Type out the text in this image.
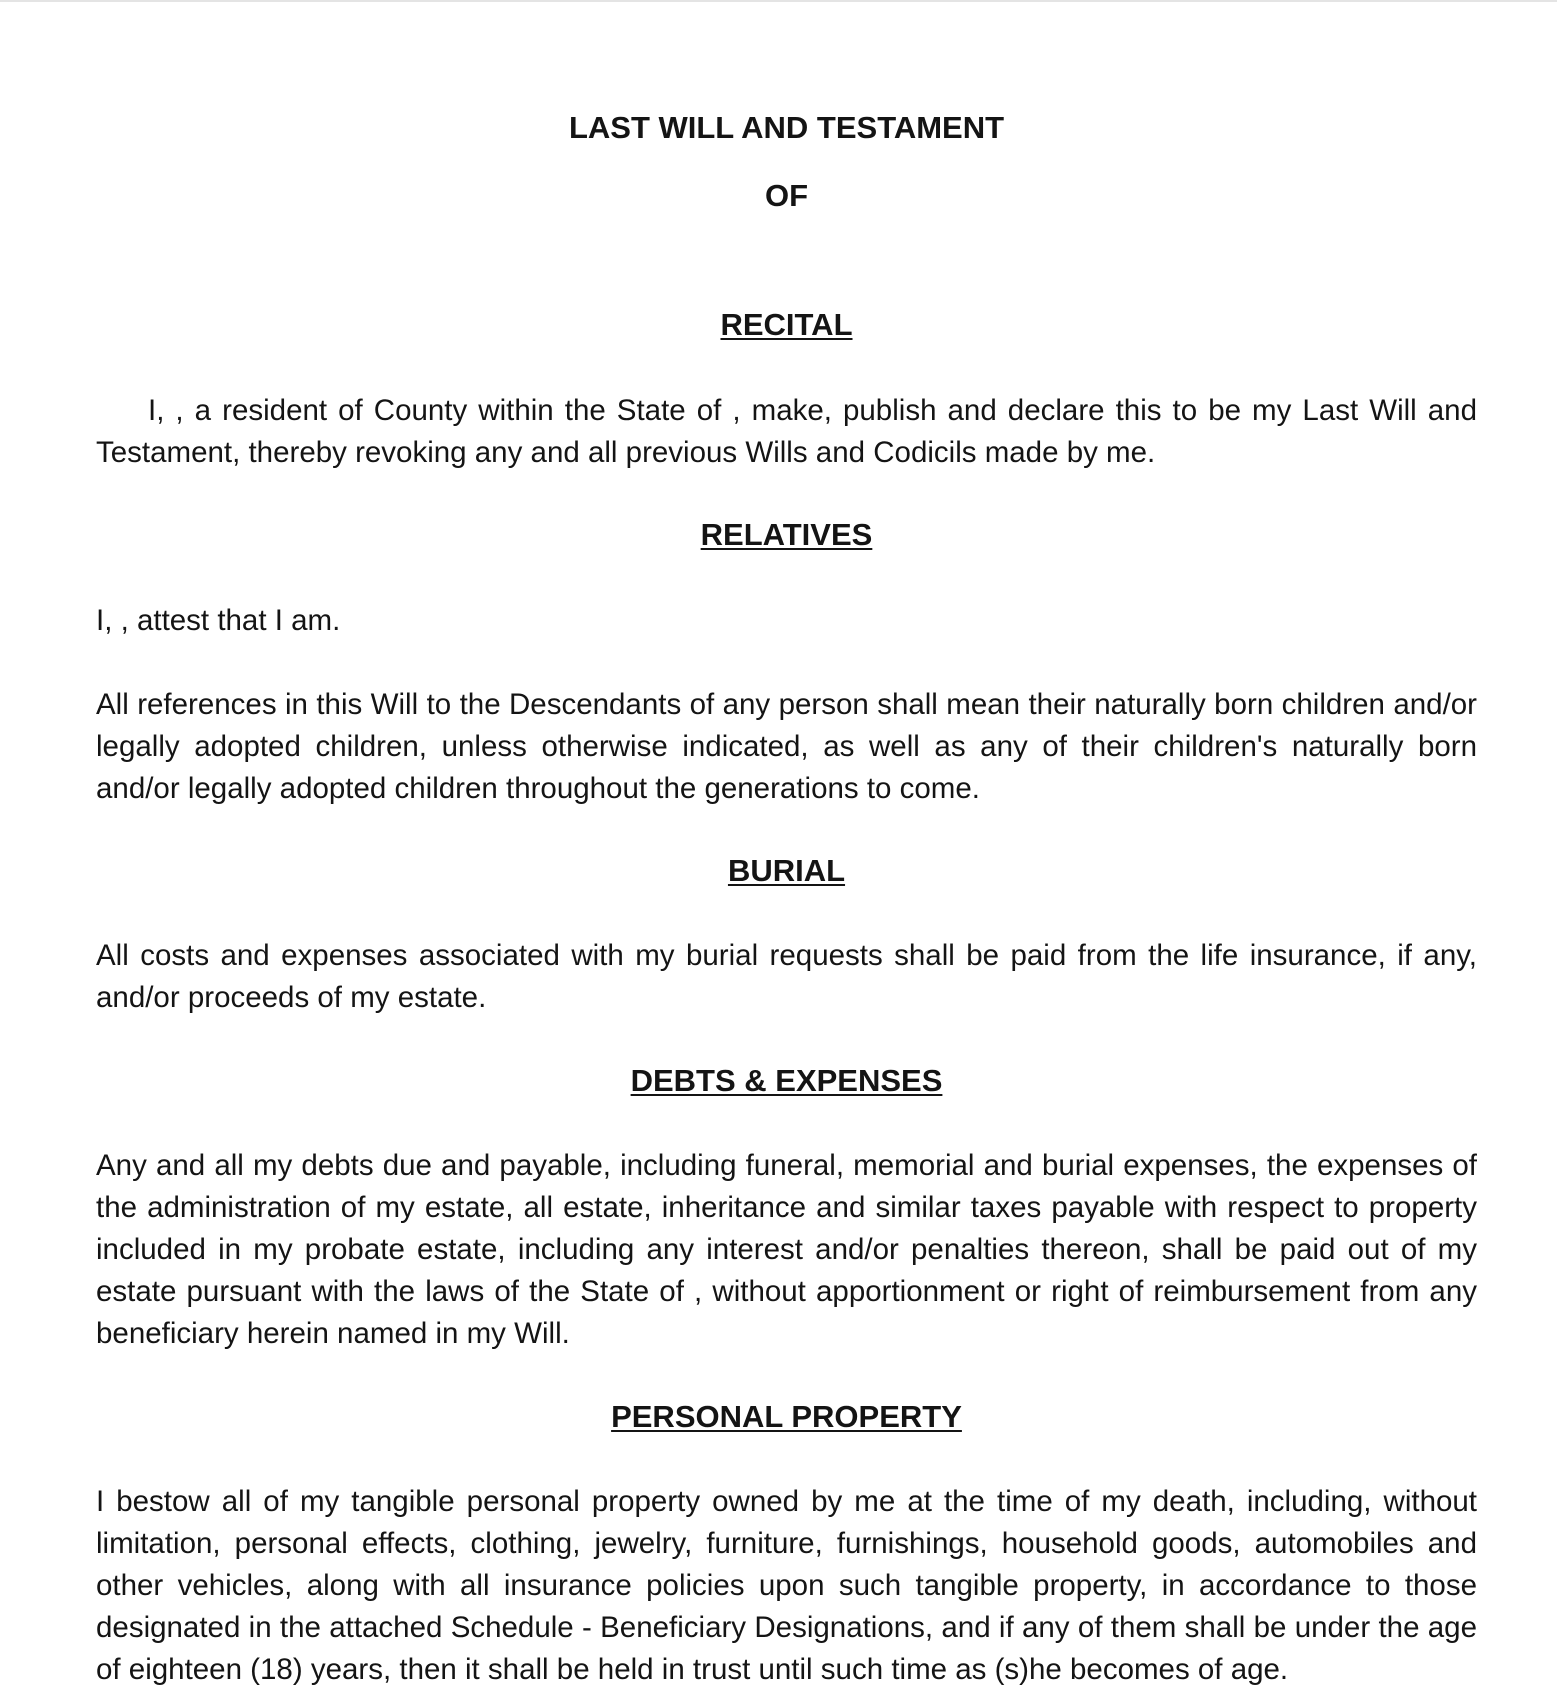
LAST WILL AND TESTAMENT
OF
RECITAL

I, , a resident of County within the State of , make, publish and declare this to be my Last Will and Testament, thereby revoking any and all previous Wills and Codicils made by me.

RELATIVES

I, , attest that I am.

All references in this Will to the Descendants of any person shall mean their naturally born children and/or legally adopted children, unless otherwise indicated, as well as any of their children's naturally born and/or legally adopted children throughout the generations to come.

BURIAL

All costs and expenses associated with my burial requests shall be paid from the life insurance, if any, and/or proceeds of my estate.

DEBTS & EXPENSES

Any and all my debts due and payable, including funeral, memorial and burial expenses, the expenses of the administration of my estate, all estate, inheritance and similar taxes payable with respect to property included in my probate estate, including any interest and/or penalties thereon, shall be paid out of my estate pursuant with the laws of the State of , without apportionment or right of reimbursement from any beneficiary herein named in my Will.

PERSONAL PROPERTY

I bestow all of my tangible personal property owned by me at the time of my death, including, without limitation, personal effects, clothing, jewelry, furniture, furnishings, household goods, automobiles and other vehicles, along with all insurance policies upon such tangible property, in accordance to those designated in the attached Schedule - Beneficiary Designations, and if any of them shall be under the age of eighteen (18) years, then it shall be held in trust until such time as (s)he becomes of age.
